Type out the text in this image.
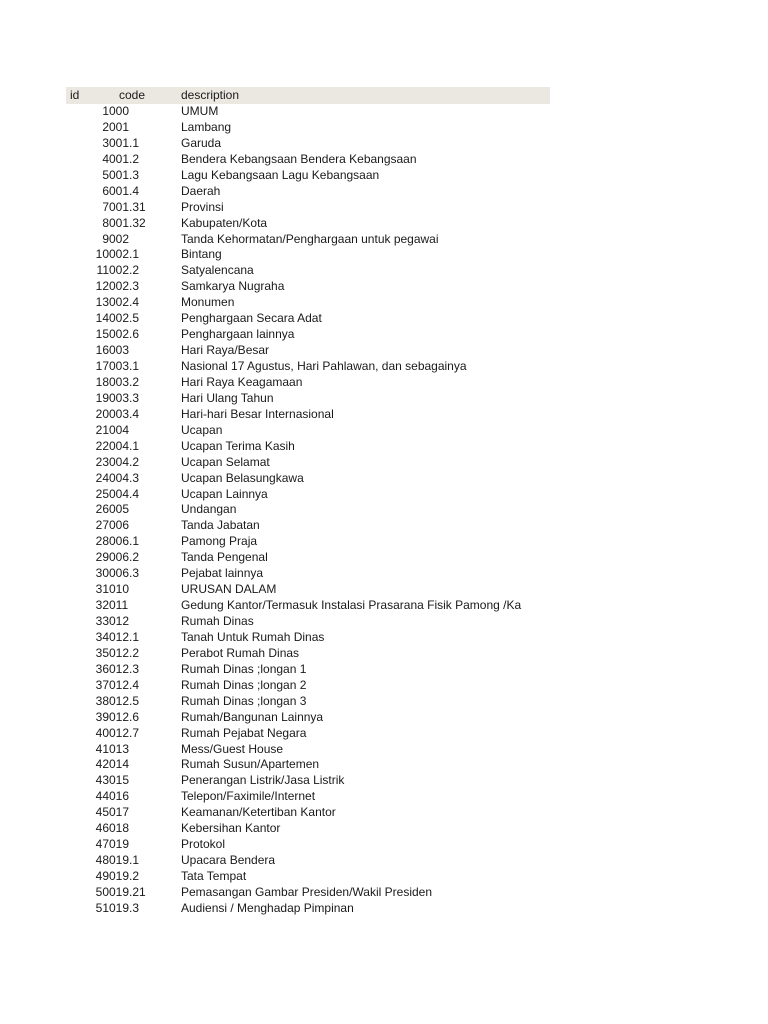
id	code	description
1 000	UMUM
2 001	Lambang
3 001.1	Garuda
4 001.2	Bendera Kebangsaan Bendera Kebangsaan
5 001.3	Lagu Kebangsaan Lagu Kebangsaan
6 001.4	Daerah
7 001.31	Provinsi
8 001.32	Kabupaten/Kota
9 002	Tanda Kehormatan/Penghargaan untuk pegawai
10 002.1	Bintang
11 002.2	Satyalencana
12 002.3	Samkarya Nugraha
13 002.4	Monumen
14 002.5	Penghargaan Secara Adat
15 002.6	Penghargaan lainnya
16 003	Hari Raya/Besar
17 003.1	Nasional 17 Agustus, Hari Pahlawan, dan sebagainya
18 003.2	Hari Raya Keagamaan
19 003.3	Hari Ulang Tahun
20 003.4	Hari-hari Besar Internasional
21 004	Ucapan
22 004.1	Ucapan Terima Kasih
23 004.2	Ucapan Selamat
24 004.3	Ucapan Belasungkawa
25 004.4	Ucapan Lainnya
26 005	Undangan
27 006	Tanda Jabatan
28 006.1	Pamong Praja
29 006.2	Tanda Pengenal
30 006.3	Pejabat lainnya
31 010	URUSAN DALAM
32 011	Gedung Kantor/Termasuk Instalasi Prasarana Fisik Pamong /Ka
33 012	Rumah Dinas
34 012.1	Tanah Untuk Rumah Dinas
35 012.2	Perabot Rumah Dinas
36 012.3	Rumah Dinas ;longan 1
37 012.4	Rumah Dinas ;longan 2
38 012.5	Rumah Dinas ;longan 3
39 012.6	Rumah/Bangunan Lainnya
40 012.7	Rumah Pejabat Negara
41 013	Mess/Guest House
42 014	Rumah Susun/Apartemen
43 015	Penerangan Listrik/Jasa Listrik
44 016	Telepon/Faximile/Internet
45 017	Keamanan/Ketertiban Kantor
46 018	Kebersihan Kantor
47 019	Protokol
48 019.1	Upacara Bendera
49 019.2	Tata Tempat
50 019.21	Pemasangan Gambar Presiden/Wakil Presiden
51 019.3	Audiensi / Menghadap Pimpinan
